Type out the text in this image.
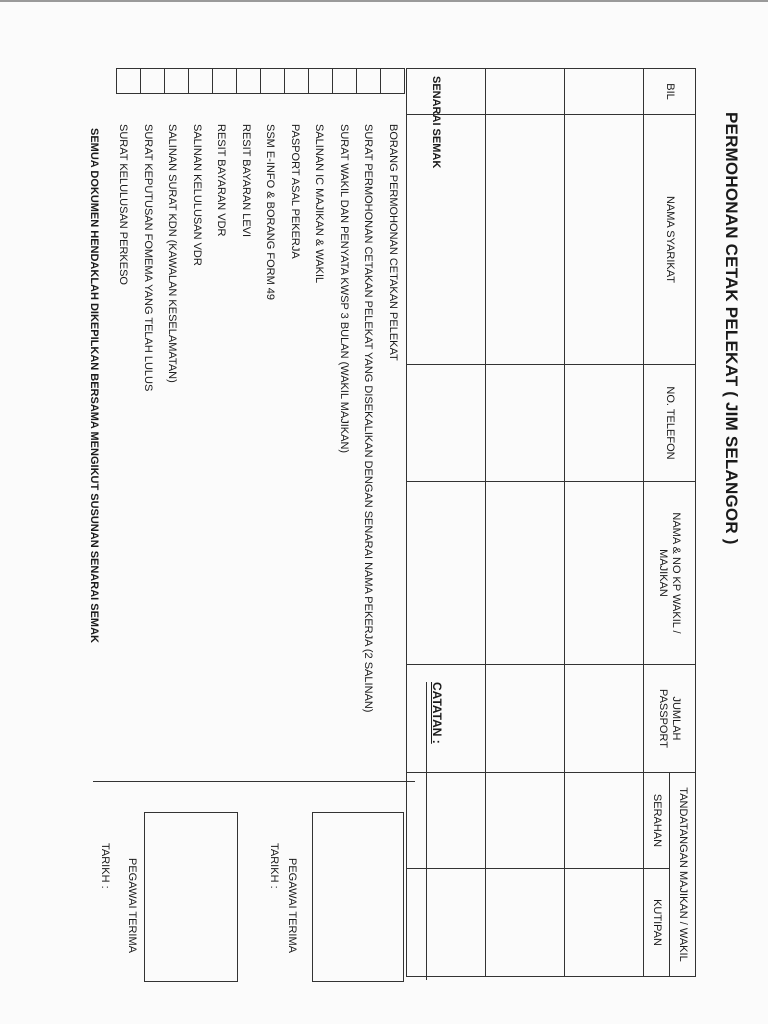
PERMOHONAN CETAK PELEKAT ( JIM SELANGOR )
BIL	NAMA SYARIKAT	NO. TELEFON	NAMA & NO KP WAKIL / MAJIKAN	JUMLAH PASSPORT	TANDATANGAN MAJIKAN / WAKIL	
					SERAHAN	KUTIPAN

SENARAI SEMAK

BORANG PERMOHONAN CETAKAN PELEKAT
SURAT PERMOHONAN CETAKAN PELEKAT YANG DISEKALIKAN DENGAN SENARAI NAMA PEKERJA (2 SALINAN)
SURAT WAKIL DAN PENYATA KWSP 3 BULAN (WAKIL MAJIKAN)
SALINAN IC MAJIKAN & WAKIL
PASPORT ASAL PEKERJA
SSM E-INFO & BORANG FORM 49
RESIT BAYARAN LEVI
RESIT BAYARAN VDR
SALINAN KELULUSAN VDR
SALINAN SURAT KDN (KAWALAN KESELAMATAN)
SURAT KEPUTUSAN FOMEMA YANG TELAH LULUS
SURAT KELULUSAN PERKESO
CATATAN :
PEGAWAI TERIMA
TARIKH :
PEGAWAI TERIMA
TARIKH :
SEMUA DOKUMEN HENDAKLAH DIKEPILKAN BERSAMA MENGIKUT SUSUNAN SENARAI SEMAK
